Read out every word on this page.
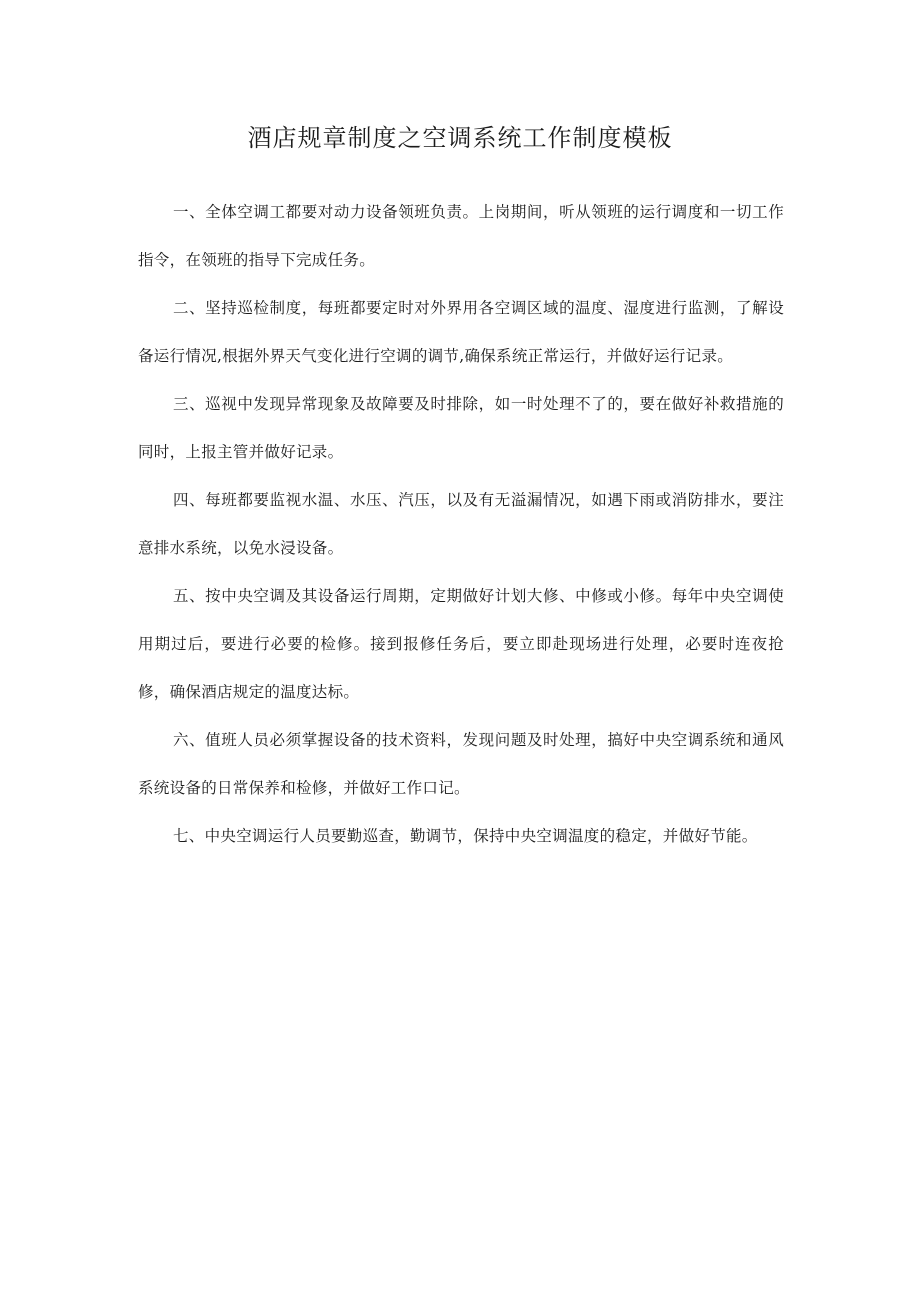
酒店规章制度之空调系统工作制度模板

一、全体空调工都要对动力设备领班负责。上岗期间，听从领班的运行调度和一切工作指令，在领班的指导下完成任务。

二、坚持巡检制度，每班都要定时对外界用各空调区域的温度、湿度进行监测，了解设备运行情况,根据外界天气变化进行空调的调节,确保系统正常运行，并做好运行记录。

三、巡视中发现异常现象及故障要及时排除，如一时处理不了的，要在做好补救措施的同时，上报主管并做好记录。

四、每班都要监视水温、水压、汽压，以及有无溢漏情况，如遇下雨或消防排水，要注意排水系统，以免水浸设备。

五、按中央空调及其设备运行周期，定期做好计划大修、中修或小修。每年中央空调使用期过后，要进行必要的检修。接到报修任务后，要立即赴现场进行处理，必要时连夜抢修，确保酒店规定的温度达标。

六、值班人员必须掌握设备的技术资料，发现问题及时处理，搞好中央空调系统和通风系统设备的日常保养和检修，并做好工作口记。

七、中央空调运行人员要勤巡查，勤调节，保持中央空调温度的稳定，并做好节能。
